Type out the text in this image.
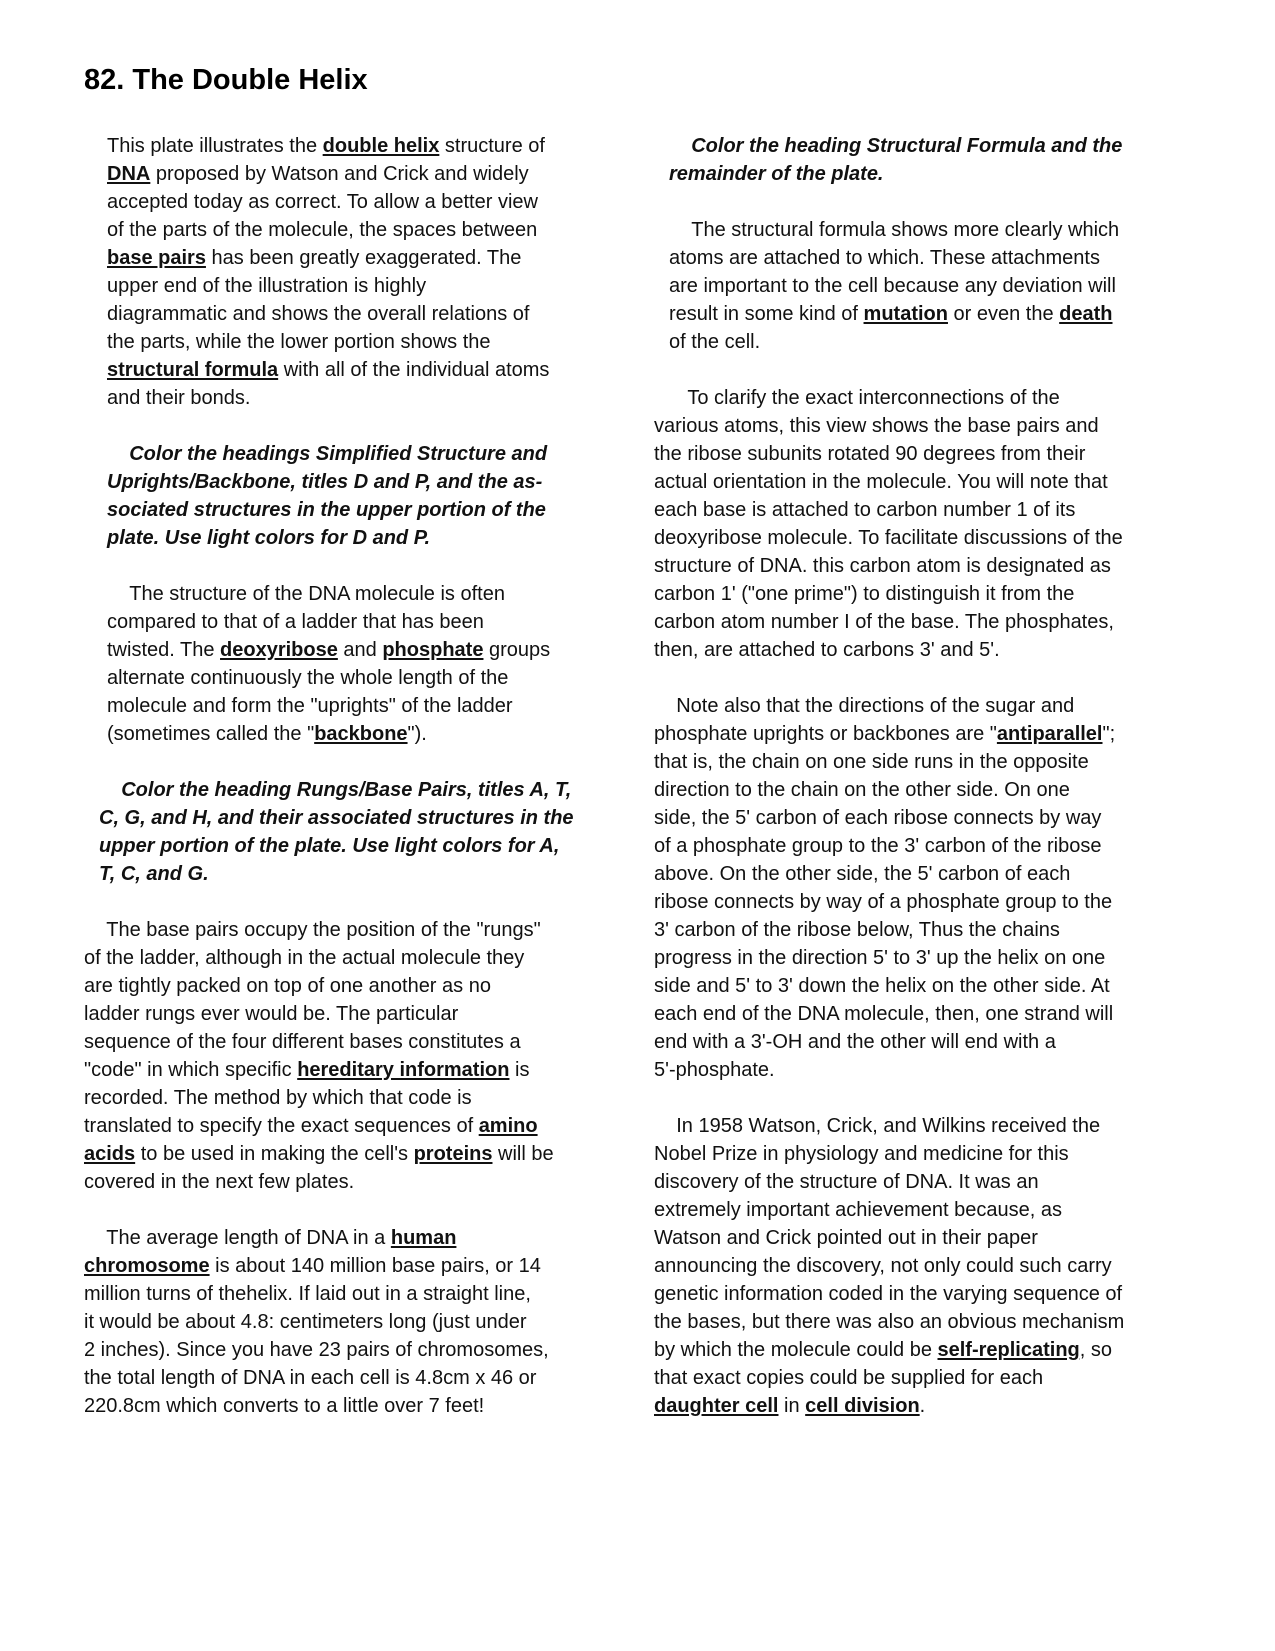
82. The Double Helix

This plate illustrates the double helix structure of
DNA proposed by Watson and Crick and widely
accepted today as correct. To allow a better view
of the parts of the molecule, the spaces between
base pairs has been greatly exaggerated. The
upper end of the illustration is highly
diagrammatic and shows the overall relations of
the parts, while the lower portion shows the
structural formula with all of the individual atoms
and their bonds.

Color the headings Simplified Structure and
Uprights/Backbone, titles D and P, and the as-
sociated structures in the upper portion of the
plate. Use light colors for D and P.

The structure of the DNA molecule is often
compared to that of a ladder that has been
twisted. The deoxyribose and phosphate groups
alternate continuously the whole length of the
molecule and form the "uprights" of the ladder
(sometimes called the "backbone").

Color the heading Rungs/Base Pairs, titles A, T,
C, G, and H, and their associated structures in the
upper portion of the plate. Use light colors for A,
T, C, and G.

The base pairs occupy the position of the "rungs"
of the ladder, although in the actual molecule they
are tightly packed on top of one another as no
ladder rungs ever would be. The particular
sequence of the four different bases constitutes a
"code" in which specific hereditary information is
recorded. The method by which that code is
translated to specify the exact sequences of amino
acids to be used in making the cell's proteins will be
covered in the next few plates.

The average length of DNA in a human
chromosome is about 140 million base pairs, or 14
million turns of thehelix. If laid out in a straight line,
it would be about 4.8: centimeters long (just under
2 inches). Since you have 23 pairs of chromosomes,
the total length of DNA in each cell is 4.8cm x 46 or
220.8cm which converts to a little over 7 feet!

Color the heading Structural Formula and the
remainder of the plate.

The structural formula shows more clearly which
atoms are attached to which. These attachments
are important to the cell because any deviation will
result in some kind of mutation or even the death
of the cell.

To clarify the exact interconnections of the
various atoms, this view shows the base pairs and
the ribose subunits rotated 90 degrees from their
actual orientation in the molecule. You will note that
each base is attached to carbon number 1 of its
deoxyribose molecule. To facilitate discussions of the
structure of DNA. this carbon atom is designated as
carbon 1' ("one prime") to distinguish it from the
carbon atom number I of the base. The phosphates,
then, are attached to carbons 3' and 5'.

Note also that the directions of the sugar and
phosphate uprights or backbones are "antiparallel";
that is, the chain on one side runs in the opposite
direction to the chain on the other side. On one
side, the 5' carbon of each ribose connects by way
of a phosphate group to the 3' carbon of the ribose
above. On the other side, the 5' carbon of each
ribose connects by way of a phosphate group to the
3' carbon of the ribose below, Thus the chains
progress in the direction 5' to 3' up the helix on one
side and 5' to 3' down the helix on the other side. At
each end of the DNA molecule, then, one strand will
end with a 3'-OH and the other will end with a
5'-phosphate.

In 1958 Watson, Crick, and Wilkins received the
Nobel Prize in physiology and medicine for this
discovery of the structure of DNA. It was an
extremely important achievement because, as
Watson and Crick pointed out in their paper
announcing the discovery, not only could such carry
genetic information coded in the varying sequence of
the bases, but there was also an obvious mechanism
by which the molecule could be self-replicating, so
that exact copies could be supplied for each
daughter cell in cell division.
